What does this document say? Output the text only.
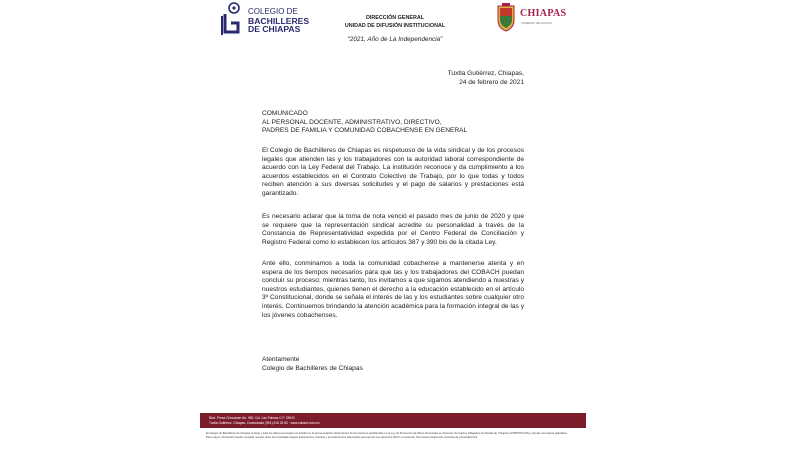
COLEGIO DE
BACHILLERES
DE CHIAPAS
DIRECCIÓN GENERAL
UNIDAD DE DIFUSIÓN INSTITUCIONAL
“2021, Año de La Independencia”
CHIAPAS
GOBIERNO DEL ESTADO
Tuxtla Gutiérrez, Chiapas,
24 de febrero de 2021
COMUNICADO
AL PERSONAL DOCENTE, ADMINISTRATIVO, DIRECTIVO,
PADRES DE FAMILIA Y COMUNIDAD COBACHENSE EN GENERAL
El Colegio de Bachilleres de Chiapas es respetuoso de la vida sindical y de los procesos legales que atienden las y los trabajadores con la autoridad laboral correspondiente de acuerdo con la Ley Federal del Trabajo. La institución reconoce y da cumplimiento a los acuerdos establecidos en el Contrato Colectivo de Trabajo, por lo que todas y todos reciben atención a sus diversas solicitudes y el pago de salarios y prestaciones está garantizado.
Es necesario aclarar que la toma de nota venció el pasado mes de junio de 2020 y que se requiere que la representación sindical acredite su personalidad a través de la Constancia de Representatividad expedida por el Centro Federal de Conciliación y Registro Federal como lo establecen los artículos 387 y 390 bis de la citada Ley.
Ante ello, conminamos a toda la comunidad cobachense a mantenerse atenta y en espera de los tiempos necesarios para que las y los trabajadores del COBACH puedan concluir su proceso; mientras tanto, los invitamos a que sigamos atendiendo a nuestras y nuestros estudiantes, quienes tienen el derecho a la educación establecido en el artículo 3º Constitucional, donde se señala el interés de las y los estudiantes sobre cualquier otro interés. Continuemos brindando la atención académica para la formación integral de las y los jóvenes cobachenses.
Atentamente
Colegio de Bachilleres de Chiapas
Blvd. Presa Chicoasén No. 950, Col. Las Palmas C.P. 29040
Tuxtla Gutiérrez, Chiapas. Conmutador (961) 618 25 50 · www.cobach.edu.mx
El Colegio de Bachilleres de Chiapas protege y trata los datos personales contenidos en la documentación oficial dentro de los términos establecidos en la Ley de Protección de Datos Personales en Posesión de Sujetos Obligados del Estado de Chiapas (LPDPPSOCHIS) y demás normativas aplicables. Para mayor información puede consultar nuestro aviso de privacidad integral, lineamientos, trámites y procedimientos disponibles para ejercer sus derechos ARCO a través de: http://www.cobach.edu.mx/aviso-de-privacidad.html
